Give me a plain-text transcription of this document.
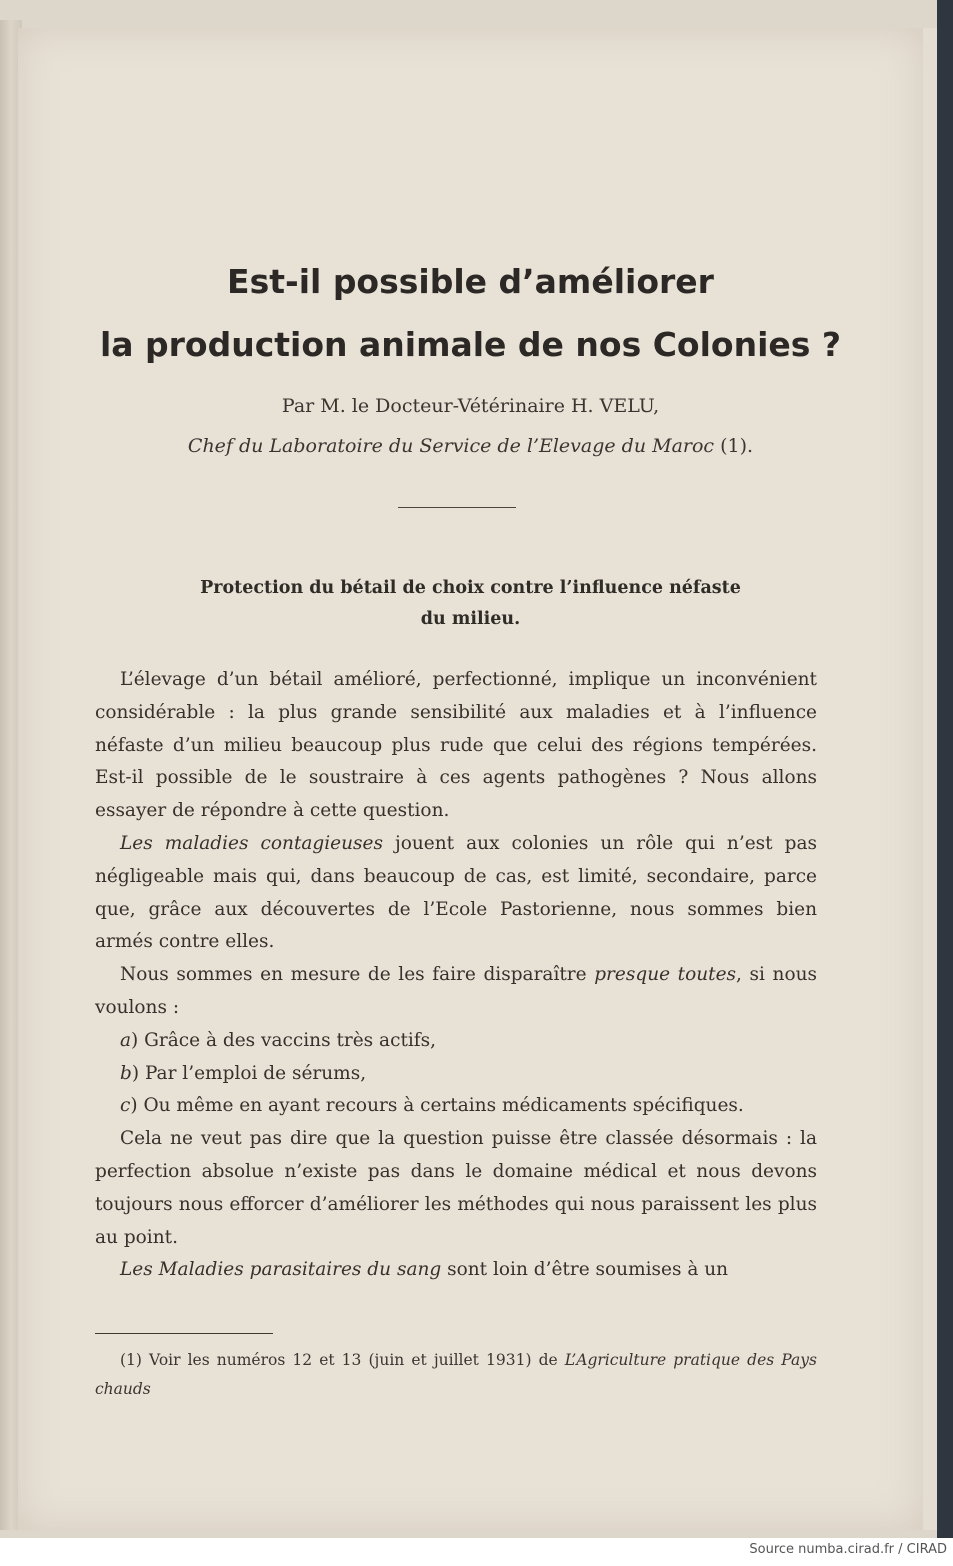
Est-il possible d’améliorer
la production animale de nos Colonies ?
Par M. le Docteur-Vétérinaire H. VELU,
Chef du Laboratoire du Service de l’Elevage du Maroc (1).
Protection du bétail de choix contre l’influence néfaste
du milieu.

L’élevage d’un bétail amélioré, perfectionné, implique un inconvénient considérable : la plus grande sensibilité aux maladies et à l’influence néfaste d’un milieu beaucoup plus rude que celui des régions tempérées. Est-il possible de le soustraire à ces agents pathogènes ? Nous allons essayer de répondre à cette question.

Les maladies contagieuses jouent aux colonies un rôle qui n’est pas négligeable mais qui, dans beaucoup de cas, est limité, secondaire, parce que, grâce aux découvertes de l’Ecole Pastorienne, nous sommes bien armés contre elles.

Nous sommes en mesure de les faire disparaître presque toutes, si nous voulons :

a) Grâce à des vaccins très actifs,

b) Par l’emploi de sérums,

c) Ou même en ayant recours à certains médicaments spécifiques.

Cela ne veut pas dire que la question puisse être classée désormais : la perfection absolue n’existe pas dans le domaine médical et nous devons toujours nous efforcer d’améliorer les méthodes qui nous paraissent les plus au point.

Les Maladies parasitaires du sang sont loin d’être soumises à un

(1) Voir les numéros 12 et 13 (juin et juillet 1931) de L’Agriculture pratique des Pays chauds
Source numba.cirad.fr / CIRAD
